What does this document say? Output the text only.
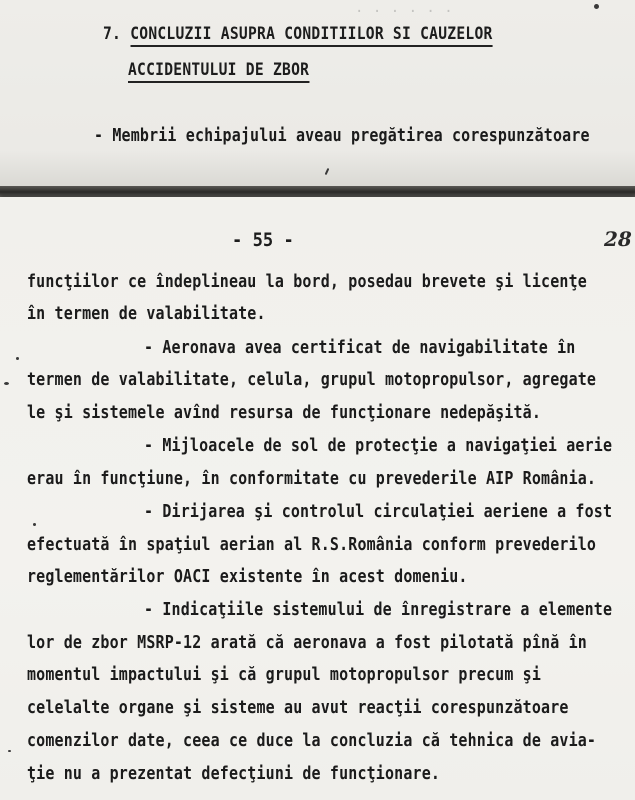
· · · · · ·
7. CONCLUZII ASUPRA CONDITIILOR SI CAUZELOR
ACCIDENTULUI DE ZBOR
- Membrii echipajului aveau pregătirea corespunzătoare
- 55 -	28
funcţiilor ce îndeplineau la bord, posedau brevete şi licenţe
în termen de valabilitate.
- Aeronava avea certificat de navigabilitate în
termen de valabilitate, celula, grupul motopropulsor, agregate
le şi sistemele avînd resursa de funcţionare nedepăşită.
- Mijloacele de sol de protecţie a navigaţiei aerie
erau în funcţiune, în conformitate cu prevederile AIP România.
- Dirijarea şi controlul circulaţiei aeriene a fost
efectuată în spaţiul aerian al R.S.România conform prevederilo
reglementărilor OACI existente în acest domeniu.
- Indicaţiile sistemului de înregistrare a elemente
lor de zbor MSRP-12 arată că aeronava a fost pilotată pînă în
momentul impactului şi că grupul motopropulsor precum şi
celelalte organe şi sisteme au avut reacţii corespunzătoare
comenzilor date, ceea ce duce la concluzia că tehnica de avia-
ţie nu a prezentat defecţiuni de funcţionare.
